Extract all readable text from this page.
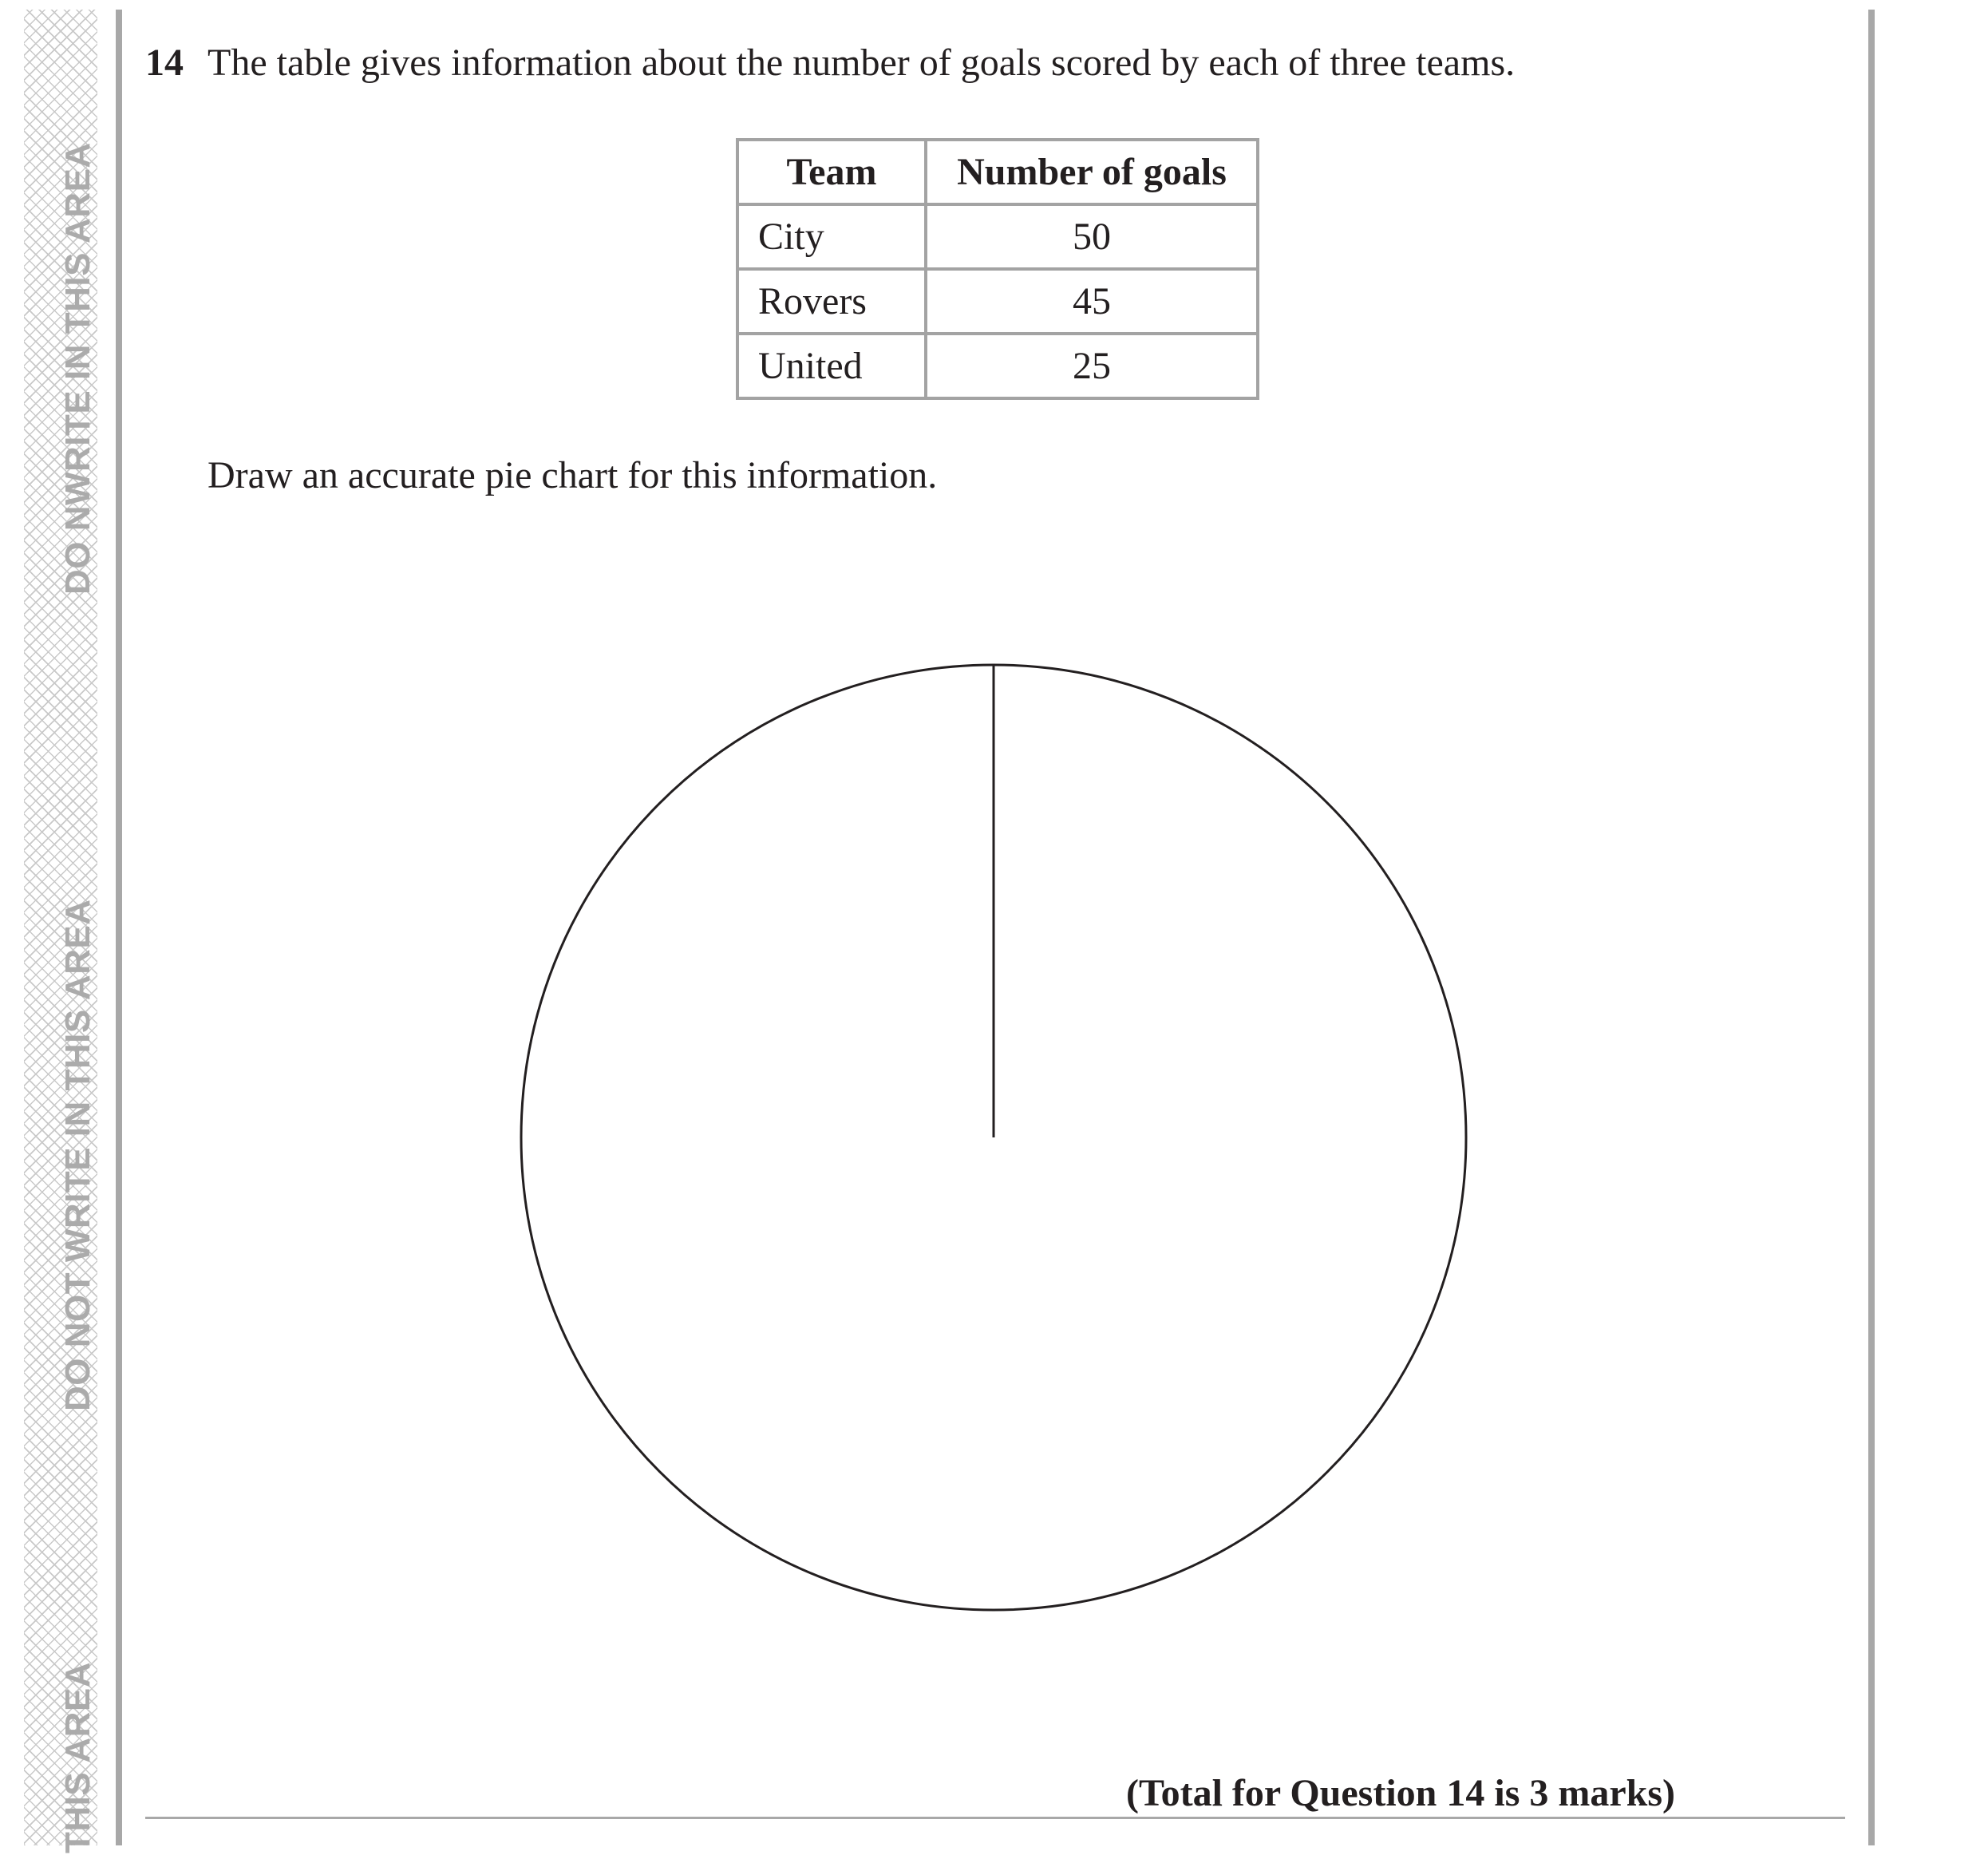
DO NWRITE IN THIS AREA
DO NOT WRITE IN THIS AREA
THIS AREA
14 The table gives information about the number of goals scored by each of three teams.
Team	Number of goals
City	50
Rovers	45
United	25
Draw an accurate pie chart for this information.
(Total for Question 14 is 3 marks)
